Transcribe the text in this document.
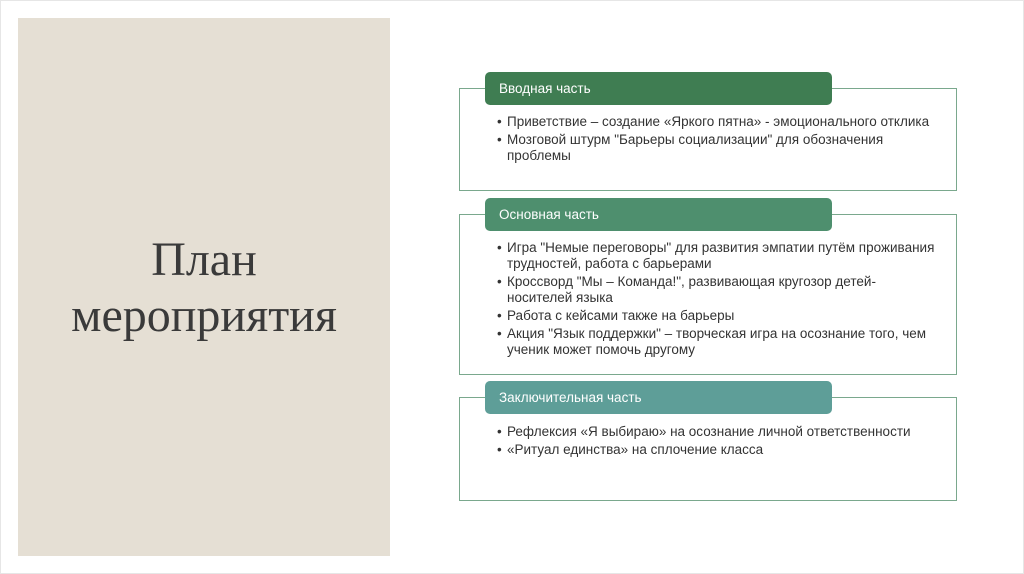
План
мероприятия
Вводная часть
• Приветствие – создание «Яркого пятна» - эмоционального отклика
• Мозговой штурм "Барьеры социализации" для обозначения проблемы
Основная часть
• Игра "Немые переговоры" для развития эмпатии путём проживания трудностей, работа с барьерами
• Кроссворд "Мы – Команда!", развивающая кругозор детей-носителей языка
• Работа с кейсами также на барьеры
• Акция "Язык поддержки" – творческая игра на осознание того, чем ученик может помочь другому
Заключительная часть
• Рефлексия «Я выбираю» на осознание личной ответственности
• «Ритуал единства» на сплочение класса
